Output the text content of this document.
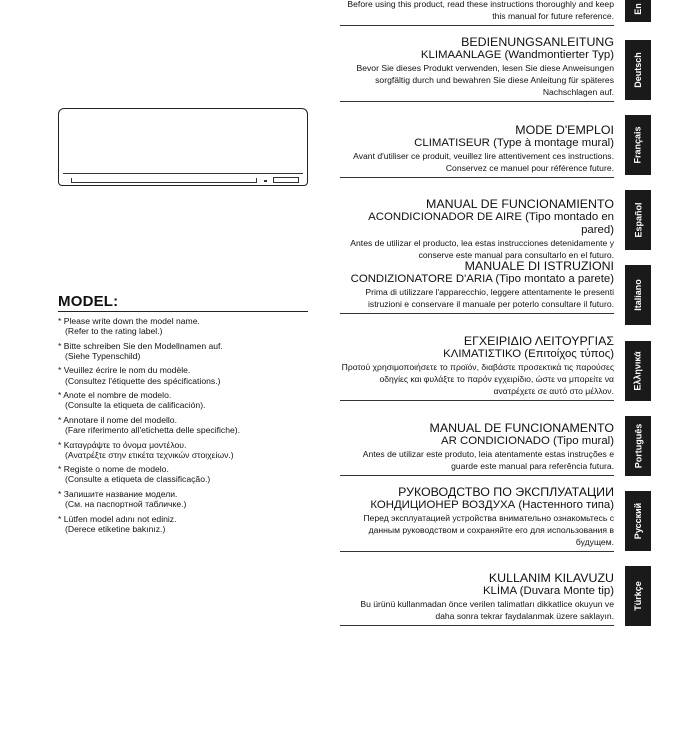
Before using this product, read these instructions thoroughly and keep this manual for future reference.
MODEL:
* Please write down the model name.
(Refer to the rating label.)
* Bitte schreiben Sie den Modellnamen auf.
(Siehe Typenschild)
* Veuillez écrire le nom du modèle.
(Consultez l'étiquette des spécifications.)
* Anote el nombre de modelo.
(Consulte la etiqueta de calificación).
* Annotare il nome del modello.
(Fare riferimento all'etichetta delle specifiche).
* Καταγράψτε το όνομα μοντέλου.
(Ανατρέξτε στην ετικέτα τεχνικών στοιχείων.)
* Registe o nome de modelo.
(Consulte a etiqueta de classificação.)
* Запишите название модели.
(См. на паспортной табличке.)
* Lütfen model adını not ediniz.
(Derece etiketine bakınız.)
BEDIENUNGSANLEITUNG
KLIMAANLAGE (Wandmontierter Typ)
Bevor Sie dieses Produkt verwenden, lesen Sie diese Anweisungen sorgfältig durch und bewahren Sie diese Anleitung für späteres Nachschlagen auf.
MODE D'EMPLOI
CLIMATISEUR (Type à montage mural)
Avant d'utiliser ce produit, veuillez lire attentivement ces instructions. Conservez ce manuel pour référence future.
MANUAL DE FUNCIONAMIENTO
ACONDICIONADOR DE AIRE (Tipo montado en pared)
Antes de utilizar el producto, lea estas instrucciones detenidamente y conserve este manual para consultarlo en el futuro.
MANUALE DI ISTRUZIONI
CONDIZIONATORE D'ARIA (Tipo montato a parete)
Prima di utilizzare l'apparecchio, leggere attentamente le presenti istruzioni e conservare il manuale per poterlo consultare il futuro.
ΕΓΧΕΙΡΙΔΙΟ ΛΕΙΤΟΥΡΓΙΑΣ
ΚΛΙΜΑΤΙΣΤΙΚΟ (Επιτοίχος τύπος)
Προτού χρησιμοποιήσετε το προϊόν, διαβάστε προσεκτικά τις παρούσες οδηγίες και φυλάξτε το παρόν εγχειρίδιο, ώστε να μπορείτε να ανατρέχετε σε αυτό στο μέλλον.
MANUAL DE FUNCIONAMENTO
AR CONDICIONADO (Tipo mural)
Antes de utilizar este produto, leia atentamente estas instruções e guarde este manual para referência futura.
РУКОВОДСТВО ПО ЭКСПЛУАТАЦИИ
КОНДИЦИОНЕР ВОЗДУХА (Настенного типа)
Перед эксплуатацией устройства внимательно ознакомьтесь с данным руководством и сохраняйте его для использования в будущем.
KULLANIM KILAVUZU
KLİMA (Duvara Monte tip)
Bu ürünü kullanmadan önce verilen talimatları dikkatlice okuyun ve daha sonra tekrar faydalanmak üzere saklayın.
En
Deutsch
Français
Español
Italiano
Ελληνικά
Português
Русский
Türkçe
